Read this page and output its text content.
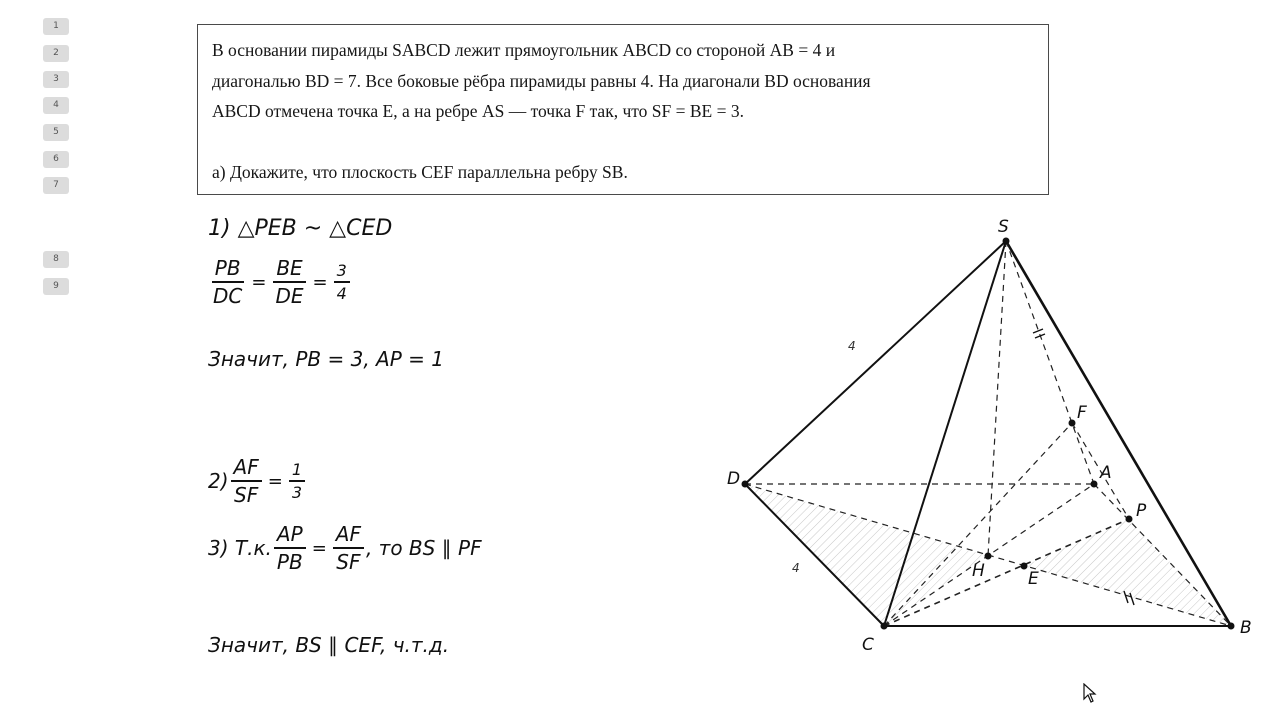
1
2
3
4
5
6
7
8
9

В основании пирамиды SABCD лежит прямоугольник ABCD со стороной AB = 4 и

диагональю BD = 7. Все боковые рёбра пирамиды равны 4. На диагонали BD основания

ABCD отмечена точка E, а на ребре AS — точка F так, что SF = BE = 3.

а) Докажите, что плоскость CEF параллельна ребру SB.

1) △PEB ~ △CED
$\frac{PB}{DC} = \frac{BE}{DE} = \frac{3}{4}$
Значит, PB = 3, AP = 1
$2) \frac{AF}{SF} = \frac{1}{3}$
3) Т.к. $\frac{AP}{PB} = \frac{AF}{SF}$ , то BS ∥ PF
Значит, BS ∥ CEF, ч.т.д.
S
D
C
B
A
F
P
H	E
4
4
